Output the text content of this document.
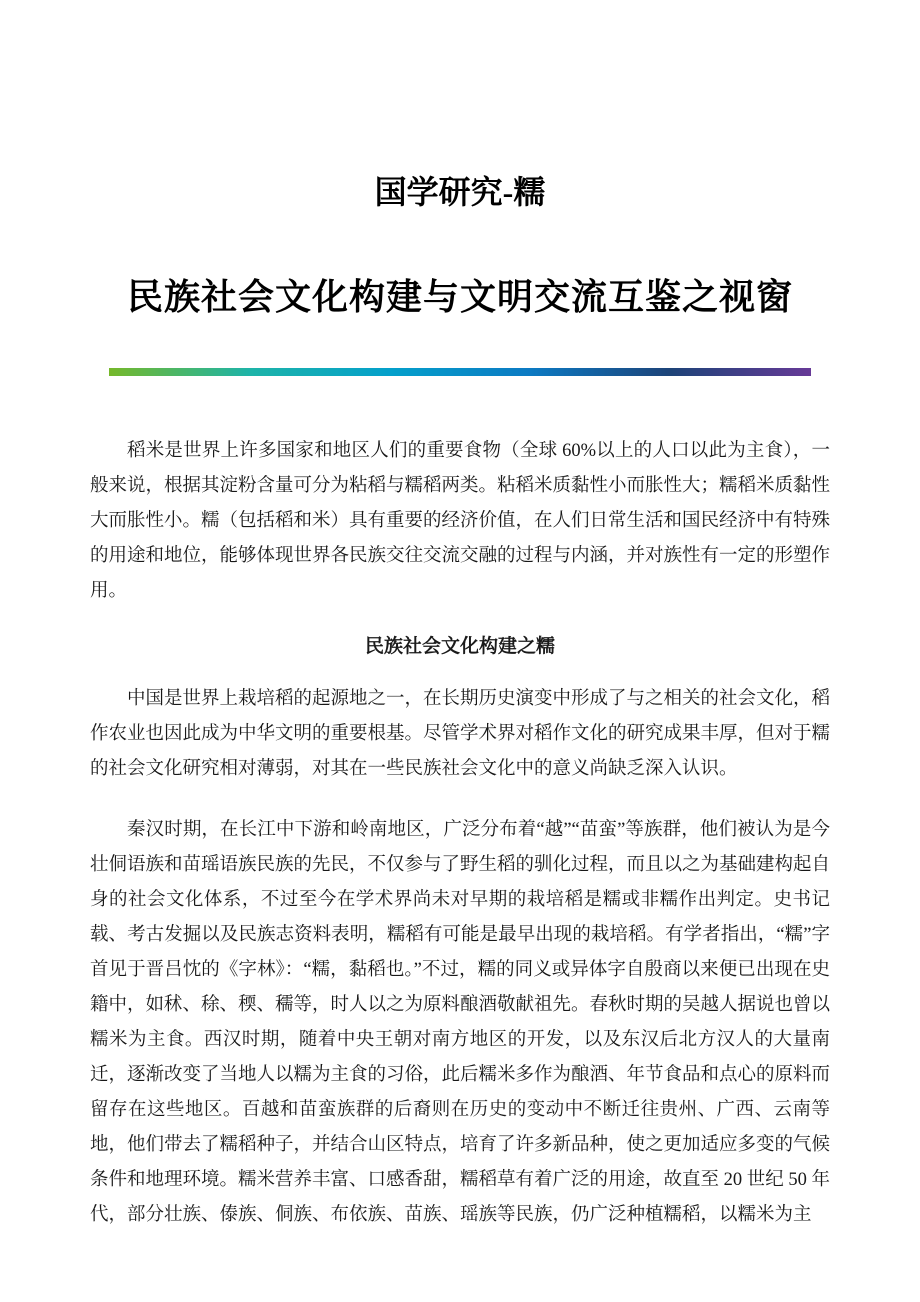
国学研究-糯
民族社会文化构建与文明交流互鉴之视窗

稻米是世界上许多国家和地区人们的重要食物（全球 60%以上的人口以此为主食），一般来说，根据其淀粉含量可分为粘稻与糯稻两类。粘稻米质黏性小而胀性大；糯稻米质黏性大而胀性小。糯（包括稻和米）具有重要的经济价值，在人们日常生活和国民经济中有特殊的用途和地位，能够体现世界各民族交往交流交融的过程与内涵，并对族性有一定的形塑作用。

民族社会文化构建之糯

中国是世界上栽培稻的起源地之一，在长期历史演变中形成了与之相关的社会文化，稻作农业也因此成为中华文明的重要根基。尽管学术界对稻作文化的研究成果丰厚，但对于糯的社会文化研究相对薄弱，对其在一些民族社会文化中的意义尚缺乏深入认识。

秦汉时期，在长江中下游和岭南地区，广泛分布着“越”“苗蛮”等族群，他们被认为是今壮侗语族和苗瑶语族民族的先民，不仅参与了野生稻的驯化过程，而且以之为基础建构起自身的社会文化体系，不过至今在学术界尚未对早期的栽培稻是糯或非糯作出判定。史书记载、考古发掘以及民族志资料表明，糯稻有可能是最早出现的栽培稻。有学者指出，“糯”字首见于晋吕忱的《字林》：“糯，黏稻也。”不过，糯的同义或异体字自殷商以来便已出现在史籍中，如秫、稌、稬、穤等，时人以之为原料酿酒敬献祖先。春秋时期的吴越人据说也曾以糯米为主食。西汉时期，随着中央王朝对南方地区的开发，以及东汉后北方汉人的大量南迁，逐渐改变了当地人以糯为主食的习俗，此后糯米多作为酿酒、年节食品和点心的原料而留存在这些地区。百越和苗蛮族群的后裔则在历史的变动中不断迁往贵州、广西、云南等地，他们带去了糯稻种子，并结合山区特点，培育了许多新品种，使之更加适应多变的气候条件和地理环境。糯米营养丰富、口感香甜，糯稻草有着广泛的用途，故直至 20 世纪 50 年代，部分壮族、傣族、侗族、布依族、苗族、瑶族等民族，仍广泛种植糯稻，以糯米为主
